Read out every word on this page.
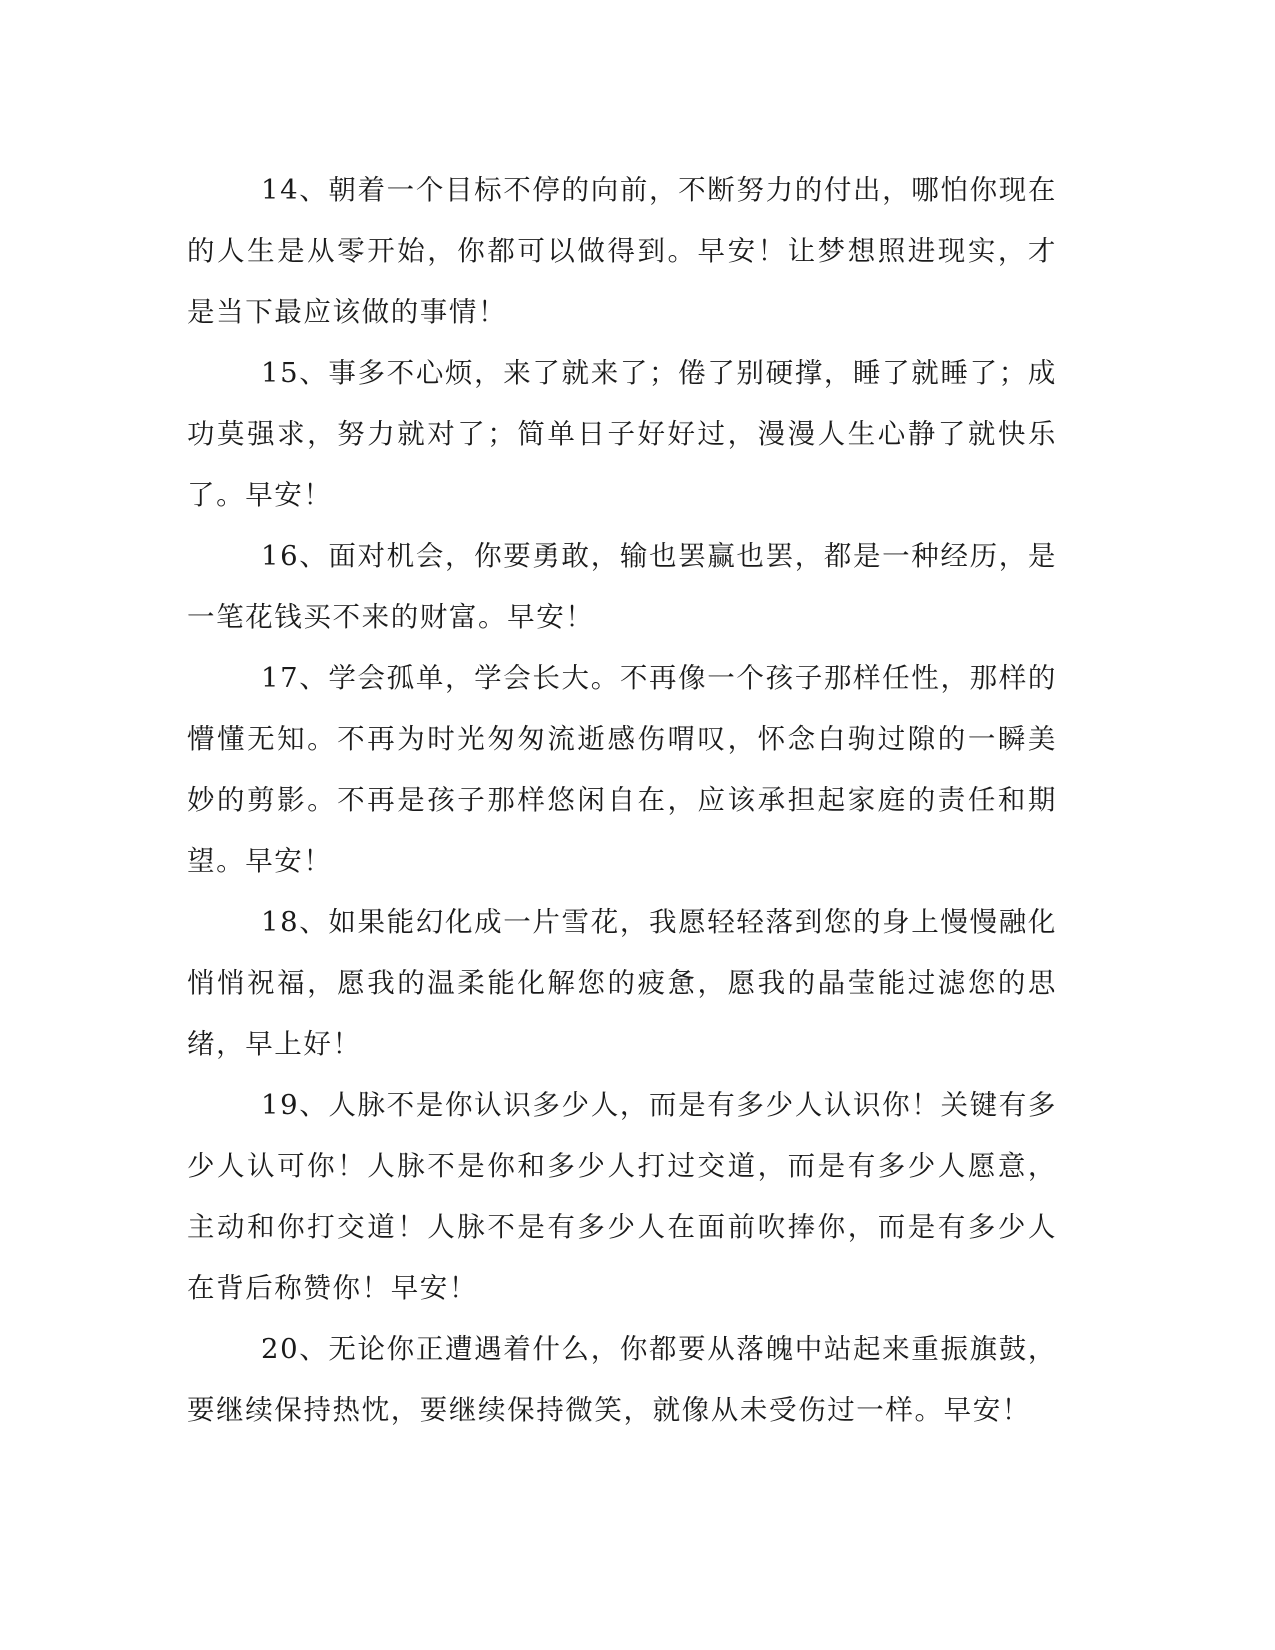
14、朝着一个目标不停的向前，不断努力的付出，哪怕你现在的人生是从零开始，你都可以做得到。早安！让梦想照进现实，才是当下最应该做的事情！

15、事多不心烦，来了就来了；倦了别硬撑，睡了就睡了；成功莫强求，努力就对了；简单日子好好过，漫漫人生心静了就快乐了。早安！

16、面对机会，你要勇敢，输也罢赢也罢，都是一种经历，是一笔花钱买不来的财富。早安！

17、学会孤单，学会长大。不再像一个孩子那样任性，那样的懵懂无知。不再为时光匆匆流逝感伤喟叹，怀念白驹过隙的一瞬美妙的剪影。不再是孩子那样悠闲自在，应该承担起家庭的责任和期望。早安！

18、如果能幻化成一片雪花，我愿轻轻落到您的身上慢慢融化悄悄祝福，愿我的温柔能化解您的疲惫，愿我的晶莹能过滤您的思绪，早上好！

19、人脉不是你认识多少人，而是有多少人认识你！关键有多少人认可你！人脉不是你和多少人打过交道，而是有多少人愿意，主动和你打交道！人脉不是有多少人在面前吹捧你，而是有多少人在背后称赞你！早安！

20、无论你正遭遇着什么，你都要从落魄中站起来重振旗鼓，要继续保持热忱，要继续保持微笑，就像从未受伤过一样。早安！
